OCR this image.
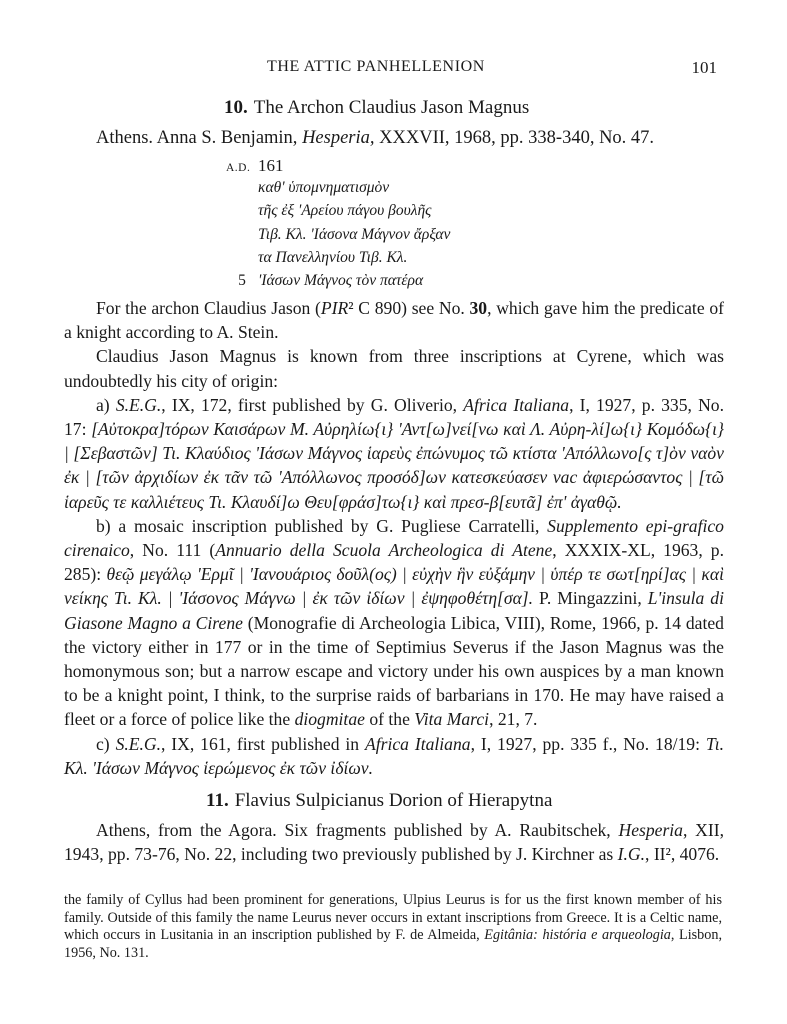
THE ATTIC PANHELLENION	101
10. The Archon Claudius Jason Magnus
Athens. Anna S. Benjamin, Hesperia, XXXVII, 1968, pp. 338-340, No. 47.
A.D. 161
καθ' ὑπομνηματισμὸν
τῆς ἐξ 'Αρείου πάγου βουλῆς
Τιβ. Κλ. 'Ιάσονα Μάγνον ἄρξαν
τα Πανελληνίου Τιβ. Κλ.
5 'Ιάσων Μάγνος τὸν πατέρα

For the archon Claudius Jason (PIR² C 890) see No. 30, which gave him the predicate of a knight according to A. Stein.

Claudius Jason Magnus is known from three inscriptions at Cyrene, which was undoubtedly his city of origin:

a) S.E.G., IX, 172, first published by G. Oliverio, Africa Italiana, I, 1927, p. 335, No. 17: [Αὐτοκρα]τόρων Καισάρων Μ. Αὐρηλίω{ι} 'Αντ[ω]νεί[νω καὶ Λ. Αὐρη-λί]ω{ι} Κομόδω{ι} | [Σεβαστῶν] Τι. Κλαύδιος 'Ιάσων Μάγνος ἱαρεὺς ἐπώνυμος τῶ κτίστα 'Απόλλωνο[ς τ]ὸν ναὸν ἐκ | [τῶν ἀρχιδίων ἐκ τᾶν τῶ 'Απόλλωνος προσόδ]ων κατεσκεύασεν vac ἀφιερώσαντος | [τῶ ἱαρεῦς τε καλλιέτευς Τι. Κλαυδί]ω Θευ[φράσ]τω{ι} καὶ πρεσ-β[ευτᾶ] ἐπ' ἀγαθῷ.

b) a mosaic inscription published by G. Pugliese Carratelli, Supplemento epi-grafico cirenaico, No. 111 (Annuario della Scuola Archeologica di Atene, XXXIX-XL, 1963, p. 285): θεῷ μεγάλῳ 'Ερμῖ | 'Ιανουάριος δοῦλ(ος) | εὐχὴν ἣν εὐξάμην | ὑπέρ τε σωτ[ηρί]ας | καὶ νείκης Τι. Κλ. | 'Ιάσονος Μάγνω | ἐκ τῶν ἰδίων | ἐψηφοθέτη[σα]. P. Mingazzini, L'insula di Giasone Magno a Cirene (Monografie di Archeologia Libica, VIII), Rome, 1966, p. 14 dated the victory either in 177 or in the time of Septimius Severus if the Jason Magnus was the homonymous son; but a narrow escape and victory under his own auspices by a man known to be a knight point, I think, to the surprise raids of barbarians in 170. He may have raised a fleet or a force of police like the diogmitae of the Vita Marci, 21, 7.

c) S.E.G., IX, 161, first published in Africa Italiana, I, 1927, pp. 335 f., No. 18/19: Τι. Κλ. 'Ιάσων Μάγνος ἱερώμενος ἐκ τῶν ἰδίων.

11. Flavius Sulpicianus Dorion of Hierapytna

Athens, from the Agora. Six fragments published by A. Raubitschek, Hesperia, XII, 1943, pp. 73-76, No. 22, including two previously published by J. Kirchner as I.G., II², 4076.

the family of Cyllus had been prominent for generations, Ulpius Leurus is for us the first known member of his family. Outside of this family the name Leurus never occurs in extant inscriptions from Greece. It is a Celtic name, which occurs in Lusitania in an inscription published by F. de Almeida, Egitânia: história e arqueologia, Lisbon, 1956, No. 131.
